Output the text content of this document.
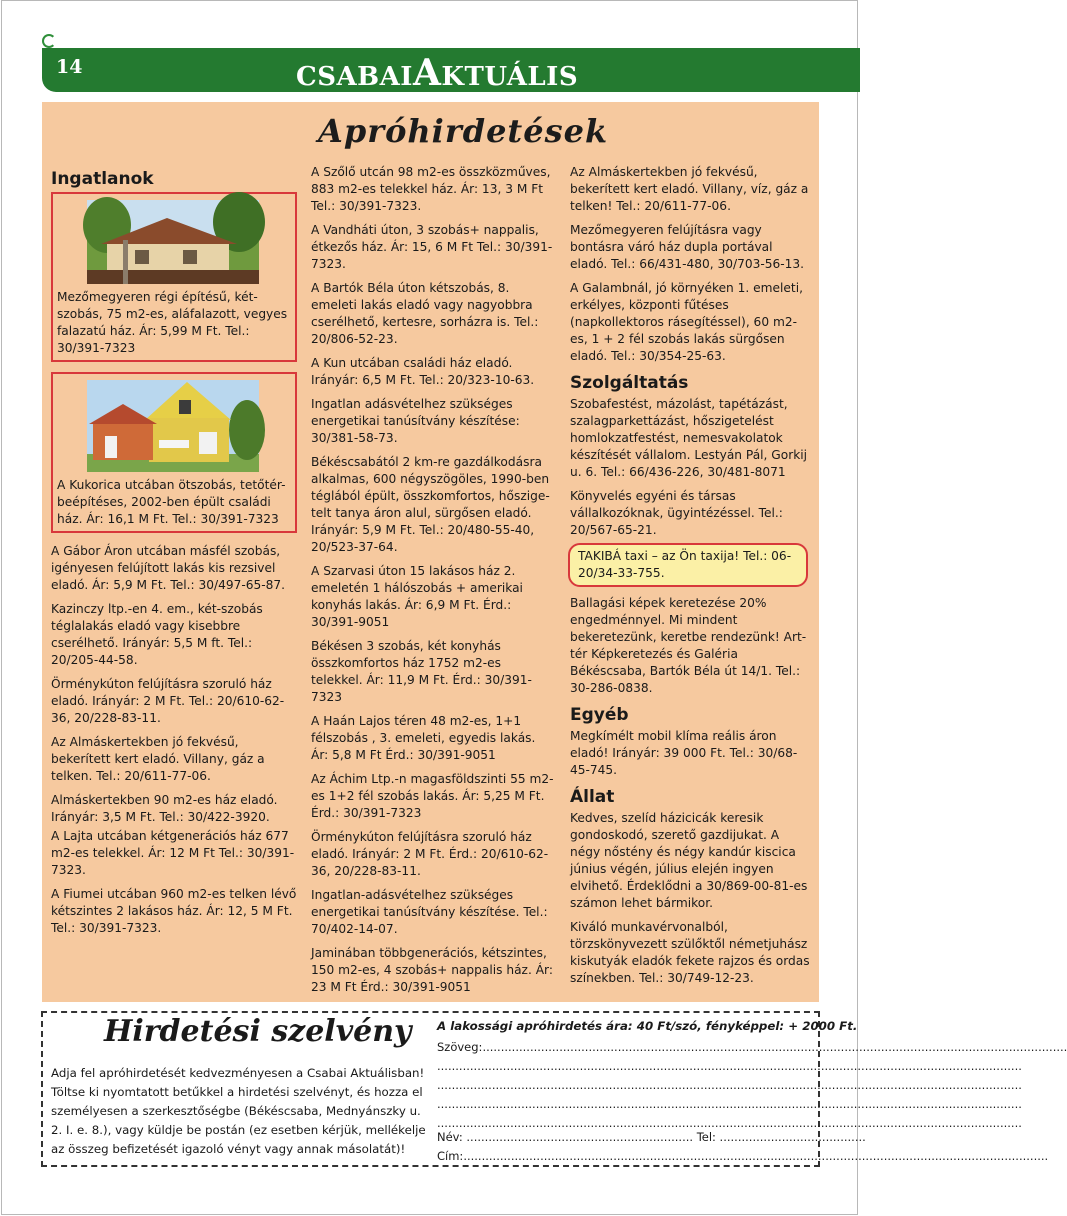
14	CSABAIAKTUÁLIS
Apróhirdetések
Ingatlanok
Mezőmegyeren régi építésű, két-szobás, 75 m2-es, aláfalazott, vegyes falazatú ház. Ár: 5,99 M Ft. Tel.: 30/391-7323
A Kukorica utcában ötszobás, tetőtér-beépítéses, 2002-ben épült családi ház. Ár: 16,1 M Ft. Tel.: 30/391-7323
A Gábor Áron utcában másfél szobás, igényesen felújított lakás kis rezsivel eladó. Ár: 5,9 M Ft. Tel.: 30/497-65-87.
Kazinczy ltp.-en 4. em., két-szobás téglalakás eladó vagy kisebbre cserélhető. Irányár: 5,5 M ft. Tel.: 20/205-44-58.
Örménykúton felújításra szoruló ház eladó. Irányár: 2 M Ft. Tel.: 20/610-62-36, 20/228-83-11.
Az Almáskertekben jó fekvésű, bekerített kert eladó. Villany, gáz a telken. Tel.: 20/611-77-06.
Almáskertekben 90 m2-es ház eladó. Irányár: 3,5 M Ft. Tel.: 30/422-3920.
A Lajta utcában kétgenerációs ház 677 m2-es telekkel. Ár: 12 M Ft Tel.: 30/391-7323.
A Fiumei utcában 960 m2-es telken lévő kétszintes 2 lakásos ház. Ár: 12, 5 M Ft. Tel.: 30/391-7323.
A Szőlő utcán 98 m2-es összközműves, 883 m2-es telekkel ház. Ár: 13, 3 M Ft Tel.: 30/391-7323.
A Vandháti úton, 3 szobás+ nappalis, étkezős ház. Ár: 15, 6 M Ft Tel.: 30/391-7323.
A Bartók Béla úton kétszobás, 8. emeleti lakás eladó vagy nagyobbra cserélhető, kertesre, sorházra is. Tel.: 20/806-52-23.
A Kun utcában családi ház eladó. Irányár: 6,5 M Ft. Tel.: 20/323-10-63.
Ingatlan adásvételhez szükséges energetikai tanúsítvány készítése: 30/381-58-73.
Békéscsabától 2 km-re gazdálkodásra alkalmas, 600 négyszögöles, 1990-ben téglából épült, összkomfortos, hőszige-telt tanya áron alul, sürgősen eladó. Irányár: 5,9 M Ft. Tel.: 20/480-55-40, 20/523-37-64.
A Szarvasi úton 15 lakásos ház 2. emeletén 1 hálószobás + amerikai konyhás lakás. Ár: 6,9 M Ft. Érd.: 30/391-9051
Békésen 3 szobás, két konyhás összkomfortos ház 1752 m2-es telekkel. Ár: 11,9 M Ft. Érd.: 30/391-7323
A Haán Lajos téren 48 m2-es, 1+1 félszobás , 3. emeleti, egyedis lakás. Ár: 5,8 M Ft Érd.: 30/391-9051
Az Áchim Ltp.-n magasföldszinti 55 m2-es 1+2 fél szobás lakás. Ár: 5,25 M Ft. Érd.: 30/391-7323
Örménykúton felújításra szoruló ház eladó. Irányár: 2 M Ft. Érd.: 20/610-62-36, 20/228-83-11.
Ingatlan-adásvételhez szükséges energetikai tanúsítvány készítése. Tel.: 70/402-14-07.
Jaminában többgenerációs, kétszintes, 150 m2-es, 4 szobás+ nappalis ház. Ár: 23 M Ft Érd.: 30/391-9051
Az Almáskertekben jó fekvésű, bekerített kert eladó. Villany, víz, gáz a telken! Tel.: 20/611-77-06.
Mezőmegyeren felújításra vagy bontásra váró ház dupla portával eladó. Tel.: 66/431-480, 30/703-56-13.
A Galambnál, jó környéken 1. emeleti, erkélyes, központi fűtéses (napkollektoros rásegítéssel), 60 m2-es, 1 + 2 fél szobás lakás sürgősen eladó. Tel.: 30/354-25-63.
Szolgáltatás
Szobafestést, mázolást, tapétázást, szalagparkettázást, hőszigetelést homlokzatfestést, nemesvakolatok készítését vállalom. Lestyán Pál, Gorkij u. 6. Tel.: 66/436-226, 30/481-8071
Könyvelés egyéni és társas vállalkozóknak, ügyintézéssel. Tel.: 20/567-65-21.
TAKIBÁ taxi – az Ön taxija! Tel.: 06-20/34-33-755.
Ballagási képek keretezése 20% engedménnyel. Mi mindent bekeretezünk, keretbe rendezünk! Art-tér Képkeretezés és Galéria Békéscsaba, Bartók Béla út 14/1. Tel.: 30-286-0838.
Egyéb
Megkímélt mobil klíma reális áron eladó! Irányár: 39 000 Ft. Tel.: 30/68-45-745.
Állat
Kedves, szelíd házicicák keresik gondoskodó, szerető gazdijukat. A négy nőstény és négy kandúr kiscica június végén, július elején ingyen elvihető. Érdeklődni a 30/869-00-81-es számon lehet bármikor.
Kiváló munkavérvonalból, törzskönyvezett szülőktől németjuhász kiskutyák eladók fekete rajzos és ordas színekben. Tel.: 30/749-12-23.
Hirdetési szelvény
Adja fel apróhirdetését kedvezményesen a Csabai Aktuálisban! Töltse ki nyomtatott betűkkel a hirdetési szelvényt, és hozza el személyesen a szerkesztőségbe (Békéscsaba, Mednyánszky u. 2. I. e. 8.), vagy küldje be postán (ez esetben kérjük, mellékelje az összeg befizetését igazoló vényt vagy annak másolatát)!
A lakossági apróhirdetés ára: 40 Ft/szó, fényképpel: + 2000 Ft.
Szöveg:................................................................................................................................................................
................................................................................................................................................................
................................................................................................................................................................
................................................................................................................................................................
................................................................................................................................................................
Név: .............................................................. Tel: ........................................
Cím:................................................................................................................................................................
